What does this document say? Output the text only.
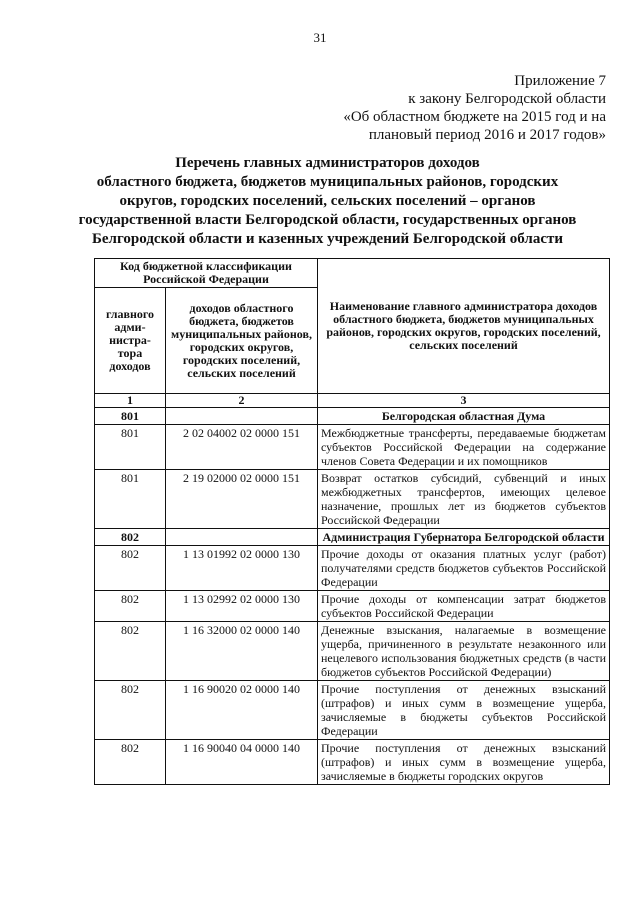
31
Приложение 7
к закону Белгородской области
«Об областном бюджете на 2015 год и на
плановый период 2016 и 2017 годов»
Перечень главных администраторов доходов
областного бюджета, бюджетов муниципальных районов, городских
округов, городских поселений, сельских поселений – органов
государственной власти Белгородской области, государственных органов
Белгородской области и казенных учреждений Белгородской области
Код бюджетной классификации Российской Федерации		Наименование главного администратора доходов областного бюджета, бюджетов муниципальных районов, городских округов, городских поселений, сельских поселений
главного адми-нистра-тора доходов	доходов областного бюджета, бюджетов муниципальных районов, городских округов, городских поселений, сельских поселений	
1	2	3
801		Белгородская областная Дума
801	2 02 04002 02 0000 151	Межбюджетные трансферты, передаваемые бюджетам субъектов Российской Федерации на содержание членов Совета Федерации и их помощников
801	2 19 02000 02 0000 151	Возврат остатков субсидий, субвенций и иных межбюджетных трансфертов, имеющих целевое назначение, прошлых лет из бюджетов субъектов Российской Федерации
802		Администрация Губернатора Белгородской области
802	1 13 01992 02 0000 130	Прочие доходы от оказания платных услуг (работ) получателями средств бюджетов субъектов Российской Федерации
802	1 13 02992 02 0000 130	Прочие доходы от компенсации затрат бюджетов субъектов Российской Федерации
802	1 16 32000 02 0000 140	Денежные взыскания, налагаемые в возмещение ущерба, причиненного в результате незаконного или нецелевого использования бюджетных средств (в части бюджетов субъектов Российской Федерации)
802	1 16 90020 02 0000 140	Прочие поступления от денежных взысканий (штрафов) и иных сумм в возмещение ущерба, зачисляемые в бюджеты субъектов Российской Федерации
802	1 16 90040 04 0000 140	Прочие поступления от денежных взысканий (штрафов) и иных сумм в возмещение ущерба, зачисляемые в бюджеты городских округов
